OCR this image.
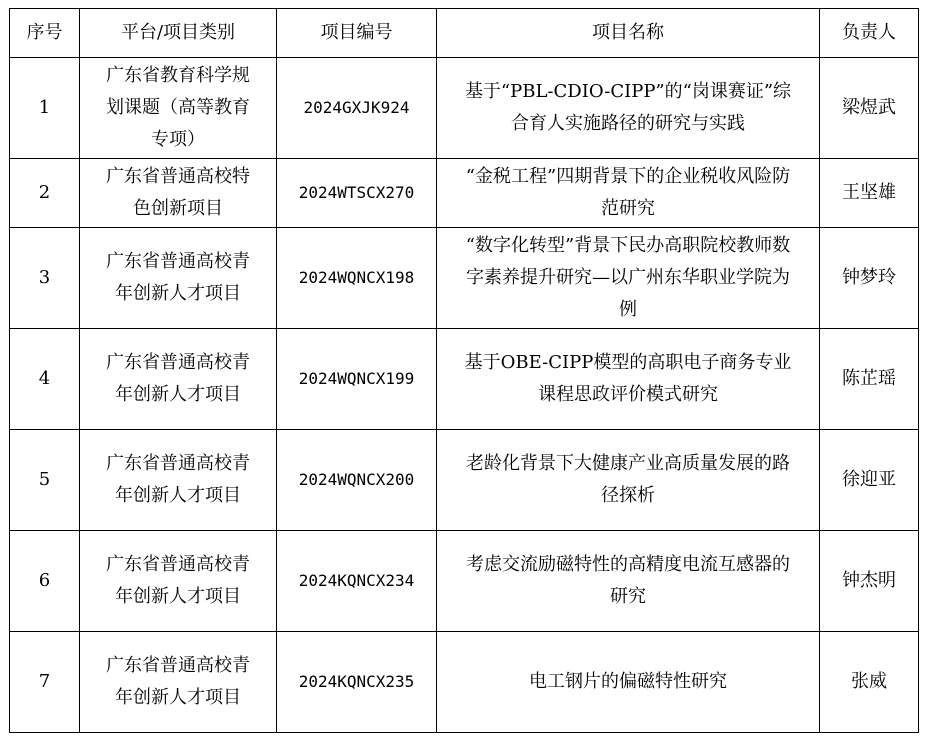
序号	平台/项目类别	项目编号	项目名称	负责人
1	广东省教育科学规划课题（高等教育专项）	2024GXJK924	基于“PBL-CDIO-CIPP”的“岗课赛证”综合育人实施路径的研究与实践	梁煜武
2	广东省普通高校特色创新项目	2024WTSCX270	“金税工程”四期背景下的企业税收风险防范研究	王坚雄
3	广东省普通高校青年创新人才项目	2024WQNCX198	“数字化转型”背景下民办高职院校教师数字素养提升研究—以广州东华职业学院为例	钟梦玲
4	广东省普通高校青年创新人才项目	2024WQNCX199	基于OBE-CIPP模型的高职电子商务专业课程思政评价模式研究	陈芷瑶
5	广东省普通高校青年创新人才项目	2024WQNCX200	老龄化背景下大健康产业高质量发展的路径探析	徐迎亚
6	广东省普通高校青年创新人才项目	2024KQNCX234	考虑交流励磁特性的高精度电流互感器的研究	钟杰明
7	广东省普通高校青年创新人才项目	2024KQNCX235	电工钢片的偏磁特性研究	张威
